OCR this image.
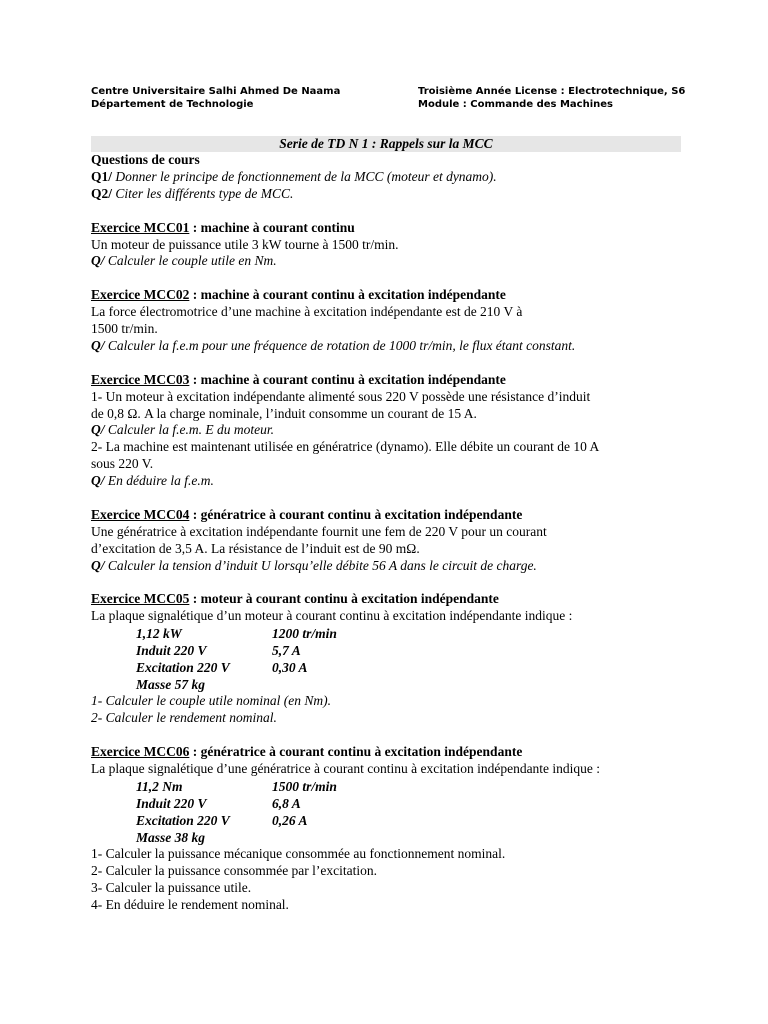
Centre Universitaire Salhi Ahmed De Naama	Troisième Année License : Electrotechnique, S6
Département de Technologie	Module : Commande des Machines
Serie de TD N 1 : Rappels sur la MCC
Questions de cours
Q1/ Donner le principe de fonctionnement de la MCC (moteur et dynamo).
Q2/ Citer les différents type de MCC.
Exercice MCC01 : machine à courant continu
Un moteur de puissance utile 3 kW tourne à 1500 tr/min.
Q/ Calculer le couple utile en Nm.
Exercice MCC02 : machine à courant continu à excitation indépendante
La force électromotrice d’une machine à excitation indépendante est de 210 V à
1500 tr/min.
Q/ Calculer la f.e.m pour une fréquence de rotation de 1000 tr/min, le flux étant constant.
Exercice MCC03 : machine à courant continu à excitation indépendante
1- Un moteur à excitation indépendante alimenté sous 220 V possède une résistance d’induit
de 0,8 Ω. A la charge nominale, l’induit consomme un courant de 15 A.
Q/ Calculer la f.e.m. E du moteur.
2- La machine est maintenant utilisée en génératrice (dynamo). Elle débite un courant de 10 A
sous 220 V.
Q/ En déduire la f.e.m.
Exercice MCC04 : génératrice à courant continu à excitation indépendante
Une génératrice à excitation indépendante fournit une fem de 220 V pour un courant
d’excitation de 3,5 A. La résistance de l’induit est de 90 mΩ.
Q/ Calculer la tension d’induit U lorsqu’elle débite 56 A dans le circuit de charge.
Exercice MCC05 : moteur à courant continu à excitation indépendante
La plaque signalétique d’un moteur à courant continu à excitation indépendante indique :
1,12 kW	1200 tr/min
Induit 220 V	5,7 A
Excitation 220 V	0,30 A
Masse 57 kg
1- Calculer le couple utile nominal (en Nm).
2- Calculer le rendement nominal.
Exercice MCC06 : génératrice à courant continu à excitation indépendante
La plaque signalétique d’une génératrice à courant continu à excitation indépendante indique :
11,2 Nm	1500 tr/min
Induit 220 V	6,8 A
Excitation 220 V	0,26 A
Masse 38 kg
1- Calculer la puissance mécanique consommée au fonctionnement nominal.
2- Calculer la puissance consommée par l’excitation.
3- Calculer la puissance utile.
4- En déduire le rendement nominal.
